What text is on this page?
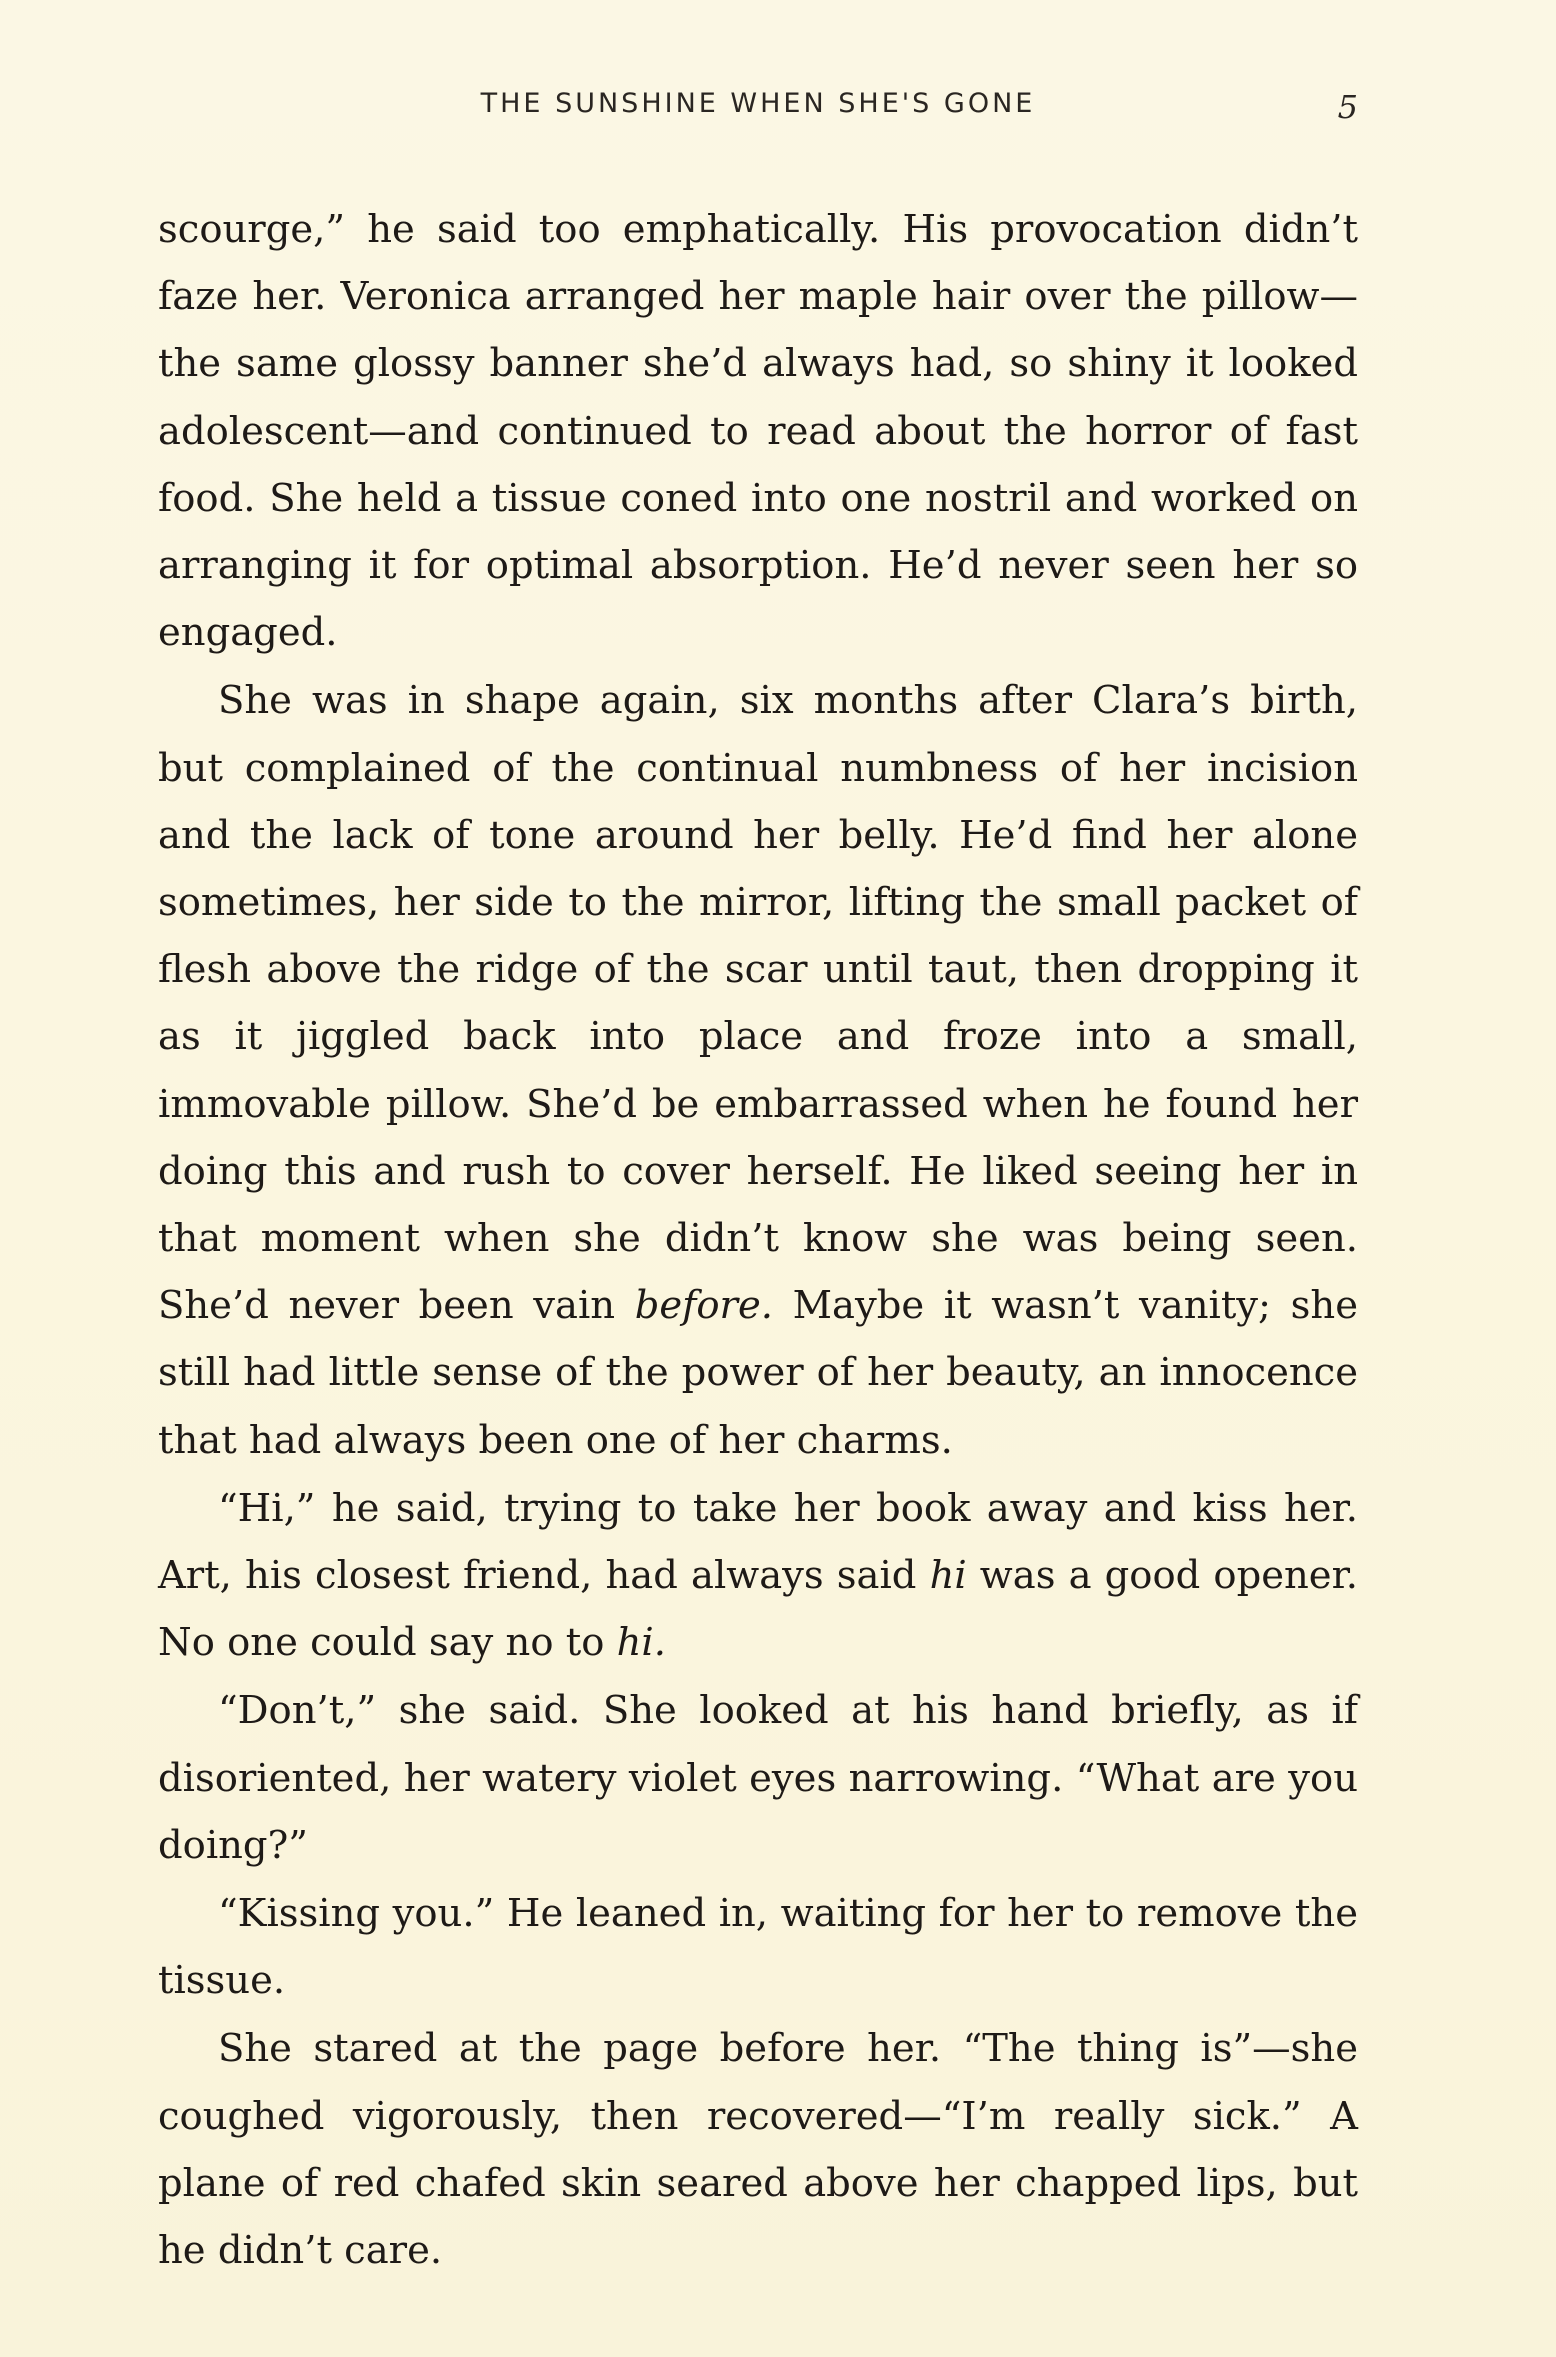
THE SUNSHINE WHEN SHE'S GONE	5

scourge,” he said too emphatically. His provocation didn’t faze her. Veronica arranged her maple hair over the pillow—the same glossy banner she’d always had, so shiny it looked adolescent—and continued to read about the horror of fast food. She held a tissue coned into one nostril and worked on arranging it for optimal absorption. He’d never seen her so engaged.

She was in shape again, six months after Clara’s birth, but complained of the continual numbness of her incision and the lack of tone around her belly. He’d find her alone sometimes, her side to the mirror, lifting the small packet of flesh above the ridge of the scar until taut, then dropping it as it jiggled back into place and froze into a small, immovable pillow. She’d be embarrassed when he found her doing this and rush to cover herself. He liked seeing her in that moment when she didn’t know she was being seen. She’d never been vain before. Maybe it wasn’t vanity; she still had little sense of the power of her beauty, an innocence that had always been one of her charms.

“Hi,” he said, trying to take her book away and kiss her. Art, his closest friend, had always said hi was a good opener. No one could say no to hi.

“Don’t,” she said. She looked at his hand briefly, as if disoriented, her watery violet eyes narrowing. “What are you doing?”

“Kissing you.” He leaned in, waiting for her to remove the tissue.

She stared at the page before her. “The thing is”—she coughed vigorously, then recovered—“I’m really sick.” A plane of red chafed skin seared above her chapped lips, but he didn’t care.
